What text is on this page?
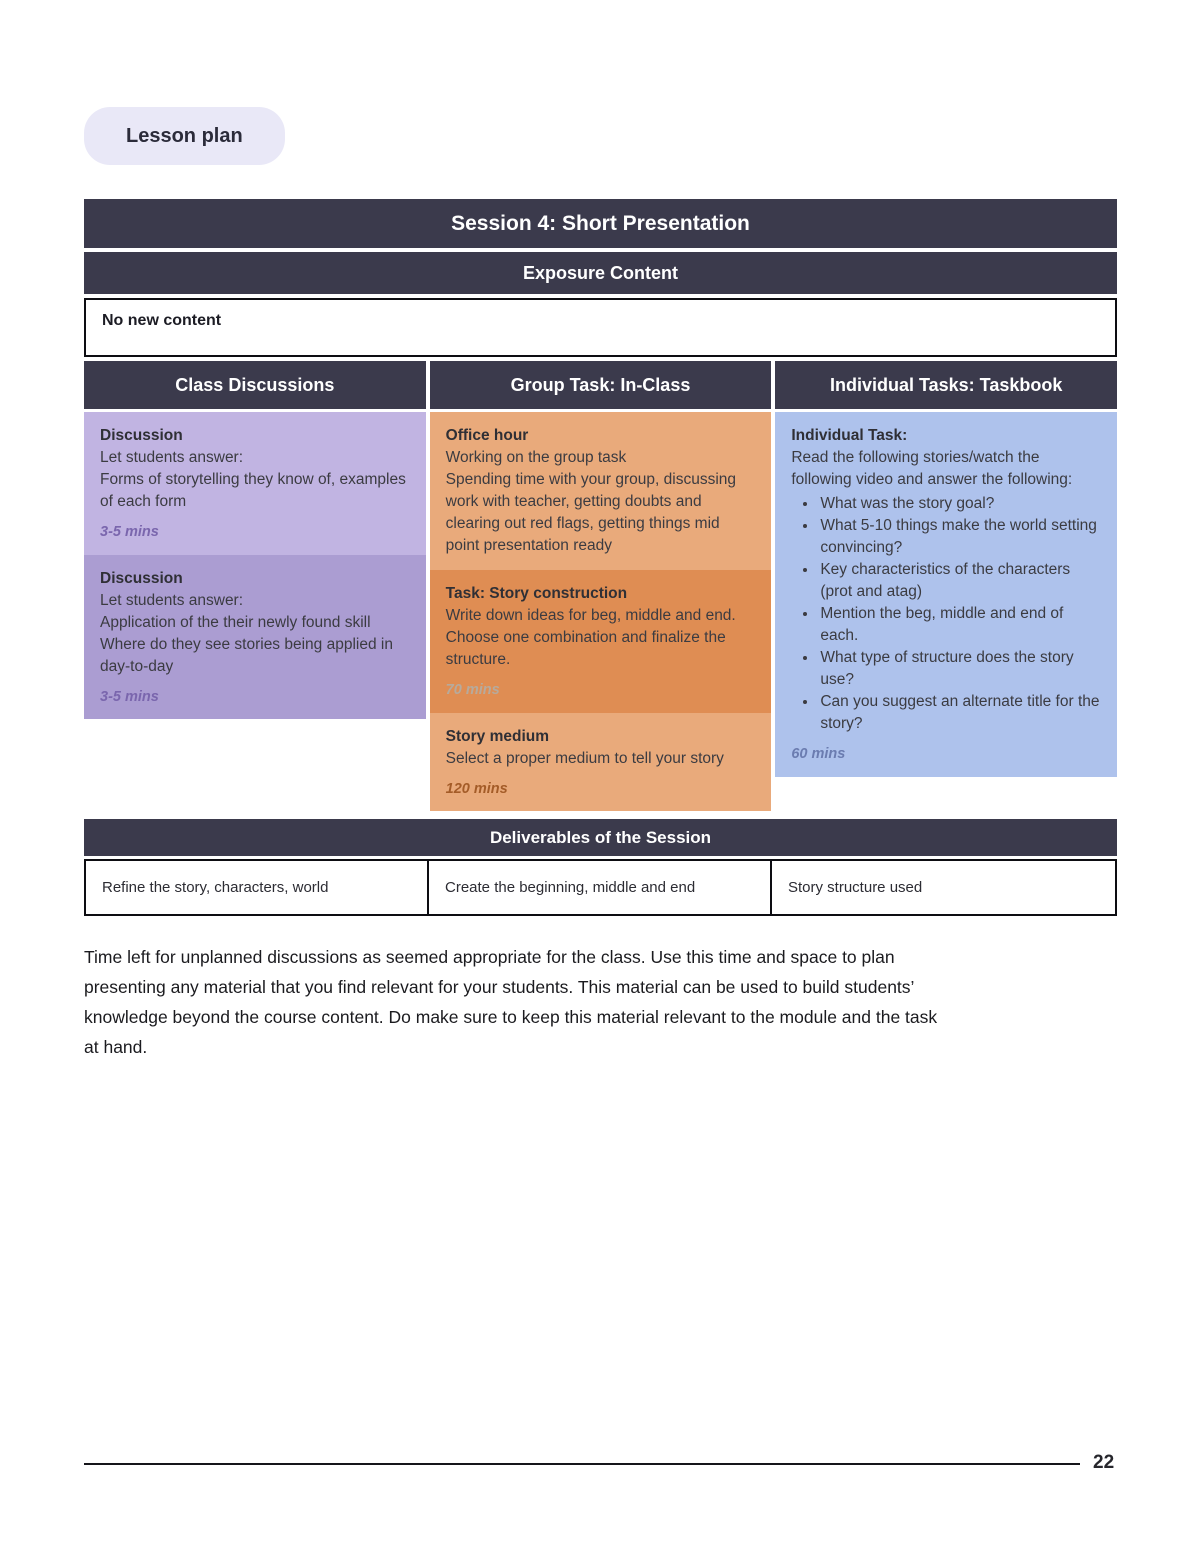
Lesson plan
Session 4: Short Presentation
Exposure Content
No new content
Class Discussions
Discussion
Let students answer:
Forms of storytelling they know of, examples of each form
3-5 mins
Discussion
Let students answer:
Application of the their newly found skill
Where do they see stories being applied in day-to-day
3-5 mins
Group Task: In-Class
Office hour
Working on the group task
Spending time with your group, discussing work with teacher, getting doubts and clearing out red flags, getting things mid point presentation ready
Task: Story construction
Write down ideas for beg, middle and end. Choose one combination and finalize the structure.
70 mins
Story medium
Select a proper medium to tell your story
120 mins
Individual Tasks: Taskbook
Individual Task:
Read the following stories/watch the following video and answer the following:
• What was the story goal?
• What 5-10 things make the world setting convincing?
• Key characteristics of the characters (prot and atag)
• Mention the beg, middle and end of each.
• What type of structure does the story use?
• Can you suggest an alternate title for the story?
60 mins
Deliverables of the Session
Refine the story, characters, world	Create the beginning, middle and end	Story structure used

Time left for unplanned discussions as seemed appropriate for the class. Use this time and space to plan presenting any material that you find relevant for your students. This material can be used to build students’ knowledge beyond the course content. Do make sure to keep this material relevant to the module and the task at hand.

22
